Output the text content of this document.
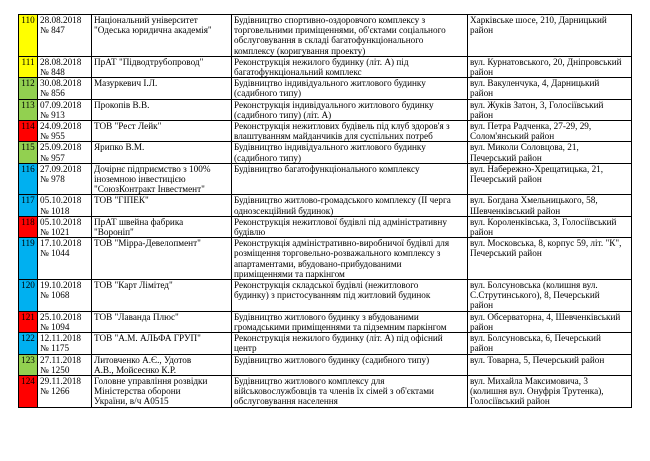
110	28.08.2018
№ 847	Національний університет
"Одеська юридична академія"	Будівництво спортивно-оздоровчого комплексу з
торговельними приміщеннями, об'єктами соціального
обслуговування в складі багатофункціонального
комплексу (коригування проекту)	Харківське шосе, 210, Дарницький
район

111	28.08.2018
№ 848	ПрАТ "Підводтрубопровод"	Реконструкція нежилого будинку (літ. А) під
багатофункціональний комплекс	вул. Курнатовського, 20, Дніпровський
район

112	30.08.2018
№ 856	Мазуркевич І.Л.	Будівництво індивідуального житлового будинку
(садибного типу)	вул. Вакуленчука, 4, Дарницький
район

113	07.09.2018
№ 913	Прокопів В.В.	Реконструкція індивідуального житлового будинку
(садибного типу) (літ. А)	вул. Жуків Затон, 3, Голосіївський
район

114	24.09.2018
№ 955	ТОВ "Рест Лейк"	Реконструкція нежитлових будівель під клуб здоров'я з
влаштуванням майданчиків для суспільних потреб	вул. Петра Радченка, 27-29, 29,
Солом'янський район

115	25.09.2018
№ 957	Ярипко В.М.	Будівництво індивідуального житлового будинку
(садибного типу)	вул. Миколи Соловцова, 21,
Печерський район

116	27.09.2018
№ 978	Дочірнє підприємство з 100%
іноземною інвестицією
"СоюзКонтракт Інвестмент"	Будівництво багатофункціонального комплексу	вул. Набережно-Хрещатицька, 21,
Печерський район

117	05.10.2018
№ 1018	ТОВ "ГІПЕК"	Будівництво житлово-громадського комплексу (ІІ черга
однозсекційний будинок)	вул. Богдана Хмельницького, 58,
Шевченківський район

118	05.10.2018
№ 1021	ПрАТ швейна фабрика
"Вороніп"	Реконструкція нежитлової будівлі під адміністративну
будівлю	вул. Короленківська, 3, Голосіївський
район

119	17.10.2018
№ 1044	ТОВ "Мірра-Девелопмент"	Реконструкція адміністративно-виробничої будівлі для
розміщення торговельно-розважального комплексу з
апартаментами, вбудовано-прибудованими
приміщеннями та паркінгом	вул. Московська, 8, корпус 59, літ. "К",
Печерський район

120	19.10.2018
№ 1068	ТОВ "Карт Лімітед"	Реконструкція складської будівлі (нежитлового
будинку) з пристосуванням під житловий будинок	вул. Болсуновська (колишня вул.
С.Струтинського), 8, Печерський
район

121	25.10.2018
№ 1094	ТОВ "Лаванда Плюс"	Будівництво житлового будинку з вбудованими
громадськими приміщеннями та підземним паркінгом	вул. Обсерваторна, 4, Шевченківський
район

122	12.11.2018
№ 1175	ТОВ "А.М. АЛЬФА ГРУП"	Реконструкція нежилого будинку (літ. А) під офісний
центр	вул. Болсуновська, 6, Печерський
район

123	27.11.2018
№ 1250	Литовченко А.Є., Удотов
А.В., Мойсеєнко К.Р.	Будівництво житлового будинку (садибного типу)	вул. Товарна, 5, Печерський район

124	29.11.2018
№ 1266	Головне управління розвідки
Міністерства оборони
України, в/ч А0515	Будівництво житлового комплексу для
військовослужбовців та членів їх сімей з об'єктами
обслуговування населення	вул. Михайла Максимовича, 3
(колишня вул. Онуфрія Трутенка),
Голосіївський район
